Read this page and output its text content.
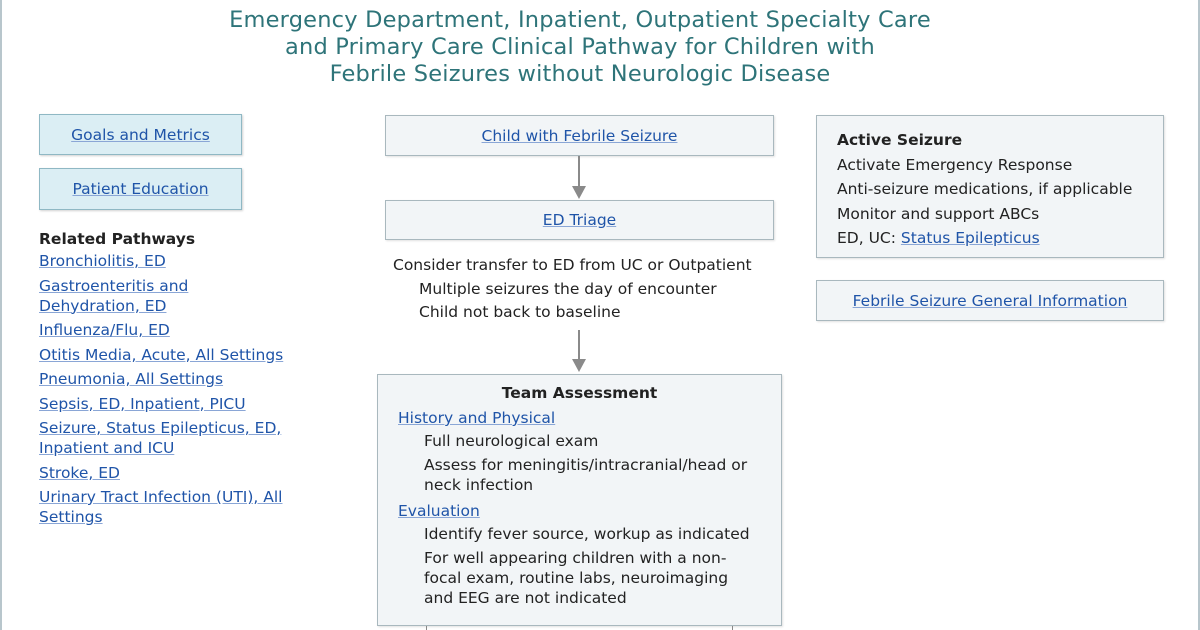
Emergency Department, Inpatient, Outpatient Specialty Care
and Primary Care Clinical Pathway for Children with
Febrile Seizures without Neurologic Disease
Goals and Metrics
Patient Education
Related Pathways
Bronchiolitis, ED
Gastroenteritis and Dehydration, ED
Influenza/Flu, ED
Otitis Media, Acute, All Settings
Pneumonia, All Settings
Sepsis, ED, Inpatient, PICU
Seizure, Status Epilepticus, ED, Inpatient and ICU
Stroke, ED
Urinary Tract Infection (UTI), All Settings
Child with Febrile Seizure
ED Triage
Consider transfer to ED from UC or Outpatient
Multiple seizures the day of encounter
Child not back to baseline
Team Assessment
History and Physical
Full neurological exam
Assess for meningitis/intracranial/head or neck infection
Evaluation
Identify fever source, workup as indicated
For well appearing children with a non-focal exam, routine labs, neuroimaging and EEG are not indicated
Active Seizure
Activate Emergency Response
Anti-seizure medications, if applicable
Monitor and support ABCs
ED, UC: Status Epilepticus
Febrile Seizure General Information
